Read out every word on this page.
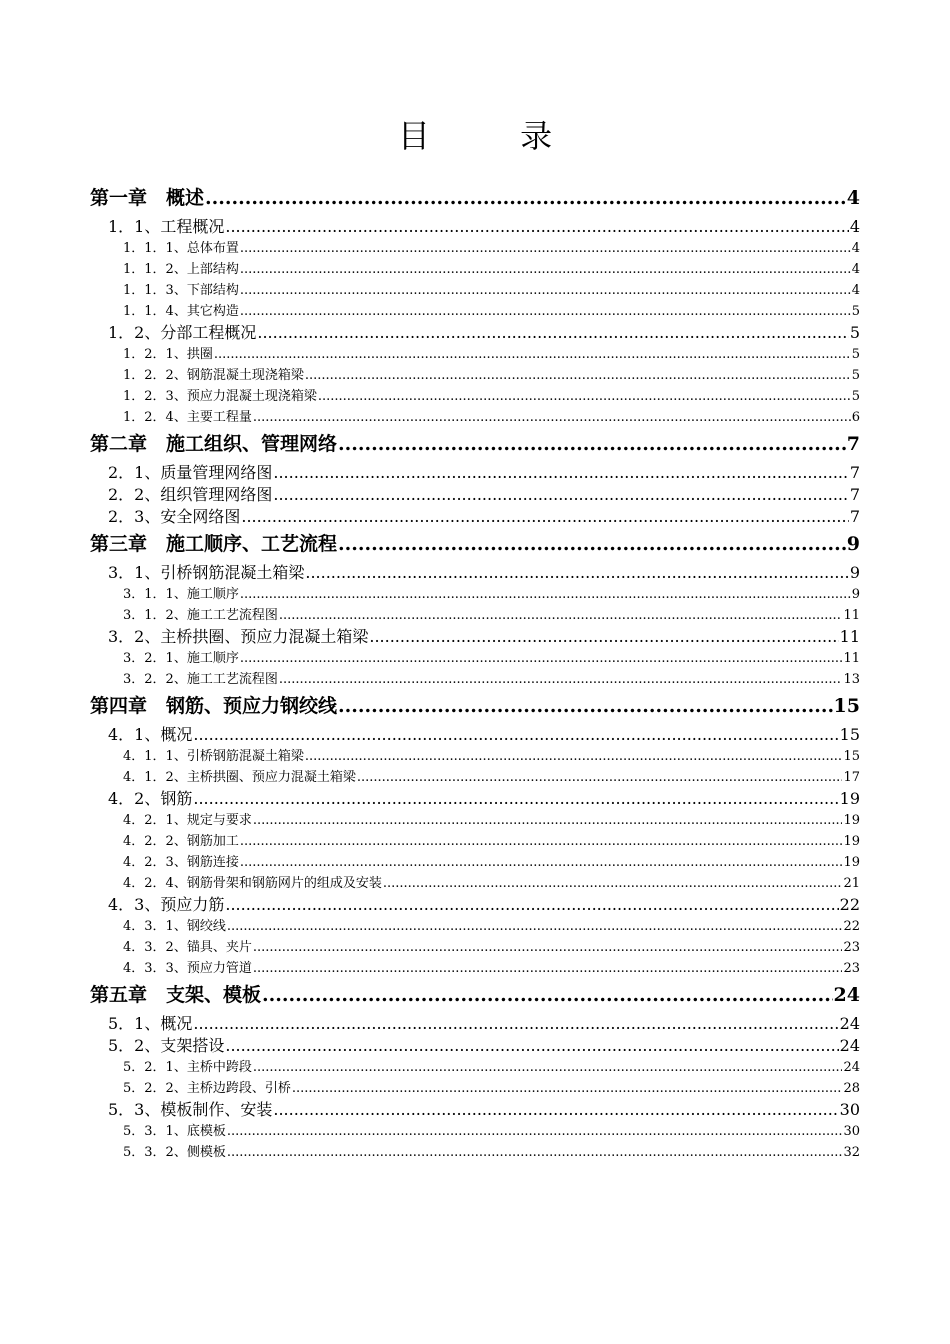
目 录
第一章　概述 .....	4
1．1、工程概况 .....	4
1．1．1、总体布置 .....	4
1．1．2、上部结构 .....	4
1．1．3、下部结构 .....	4
1．1．4、其它构造 .....	5
1．2、分部工程概况 .....	5
1．2．1、拱圈 .....	5
1．2．2、钢筋混凝土现浇箱梁 .....	5
1．2．3、预应力混凝土现浇箱梁 .....	5
1．2．4、主要工程量 .....	6
第二章　施工组织、管理网络 .....	7
2．1、质量管理网络图 .....	7
2．2、组织管理网络图 .....	7
2．3、安全网络图 .....	7
第三章　施工顺序、工艺流程 .....	9
3．1、引桥钢筋混凝土箱梁 .....	9
3．1．1、施工顺序 .....	9
3．1．2、施工工艺流程图 .....	11
3．2、主桥拱圈、预应力混凝土箱梁 .....	11
3．2．1、施工顺序 .....	11
3．2．2、施工工艺流程图 .....	13
第四章　钢筋、预应力钢绞线 .....	15
4．1、概况 .....	15
4．1．1、引桥钢筋混凝土箱梁 .....	15
4．1．2、主桥拱圈、预应力混凝土箱梁 .....	17
4．2、钢筋 .....	19
4．2．1、规定与要求 .....	19
4．2．2、钢筋加工 .....	19
4．2．3、钢筋连接 .....	19
4．2．4、钢筋骨架和钢筋网片的组成及安装 .....	21
4．3、预应力筋 .....	22
4．3．1、钢绞线 .....	22
4．3．2、锚具、夹片 .....	23
4．3．3、预应力管道 .....	23
第五章　支架、模板 .....	24
5．1、概况 .....	24
5．2、支架搭设 .....	24
5．2．1、主桥中跨段 .....	24
5．2．2、主桥边跨段、引桥 .....	28
5．3、模板制作、安装 .....	30
5．3．1、底模板 .....	30
5．3．2、侧模板 .....	32
